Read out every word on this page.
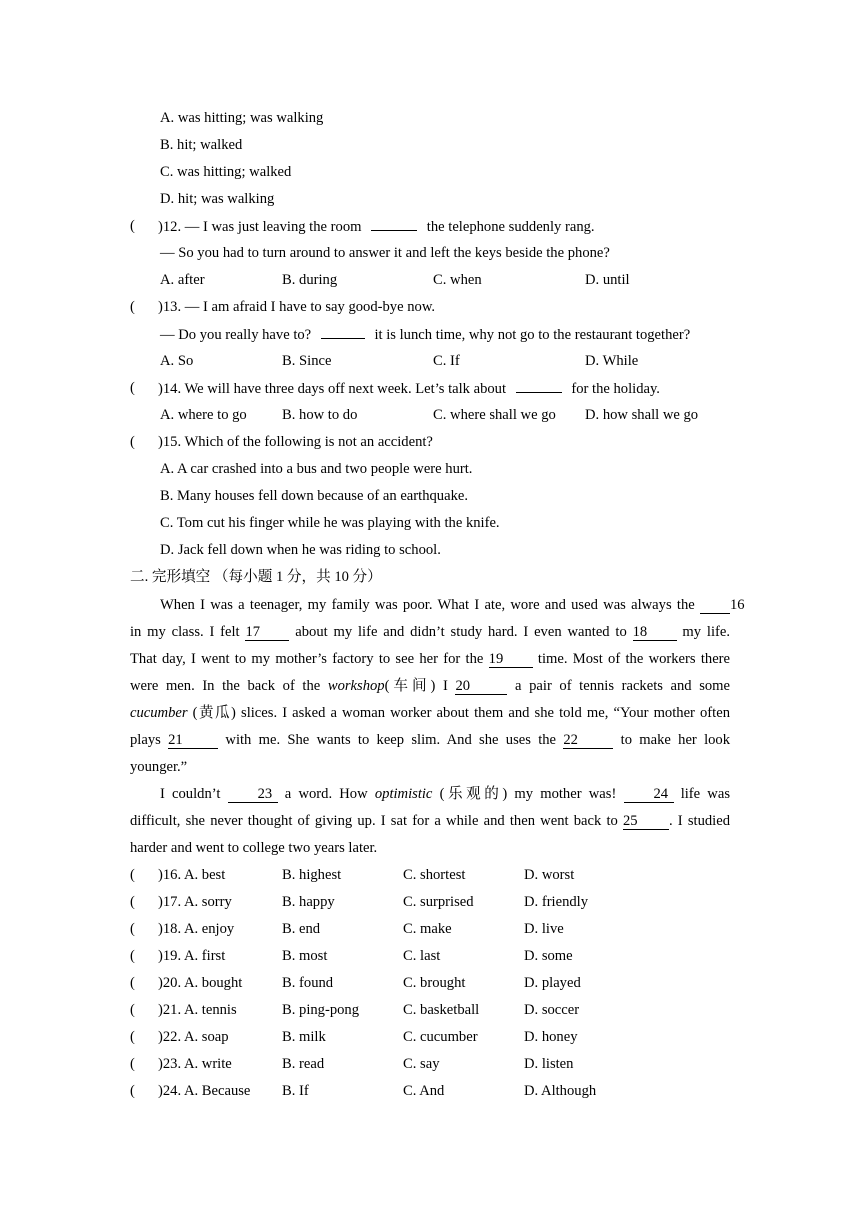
A. was hitting; was walking
B. hit; walked
C. was hitting; walked
D. hit; was walking
( )12. — I was just leaving the room	the telephone suddenly rang.
— So you had to turn around to answer it and left the keys beside the phone?
A. after	B. during	C. when	D. until
( )13. — I am afraid I have to say good-bye now.
— Do you really have to?	it is lunch time, why not go to the restaurant together?
A. So	B. Since	C. If	D. While
( )14. We will have three days off next week. Let’s talk about	for the holiday.
A. where to go B. how to do	C. where shall we go D. how shall we go
( )15. Which of the following is not an accident?
A. A car crashed into a bus and two people were hurt.
B. Many houses fell down because of an earthquake.
C. Tom cut his finger while he was playing with the knife.
D. Jack fell down when he was riding to school.
二. 完形填空 （每小题 1 分，共 10 分）
When I was a teenager, my family was poor. What I ate, wore and used was always the 16
in my class. I felt 17 about my life and didn’t study hard. I even wanted to 18 my life.
That day, I went to my mother’s factory to see her for the 19 time. Most of the workers there
were men. In the back of the workshop(车间) I 20	a pair of tennis rackets and some
cucumber (黄瓜) slices. I asked a woman worker about them and she told me, “Your mother often
plays 21	with me. She wants to keep slim. And she uses the 22	to make her look
younger.”
I couldn’t	23 a word. How optimistic (乐观的) my mother was!	24 life was
difficult, she never thought of giving up. I sat for a while and then went back to 25 . I studied
harder and went to college two years later.
( )16. A. best	B. highest	C. shortest	D. worst
( )17. A. sorry	B. happy	C. surprised	D. friendly
( )18. A. enjoy	B. end	C. make	D. live
( )19. A. first	B. most	C. last	D. some
( )20. A. bought	B. found	C. brought	D. played
( )21. A. tennis	B. ping-pong	C. basketball	D. soccer
( )22. A. soap	B. milk	C. cucumber	D. honey
( )23. A. write	B. read	C. say	D. listen
( )24. A. Because B. If	C. And	D. Although
